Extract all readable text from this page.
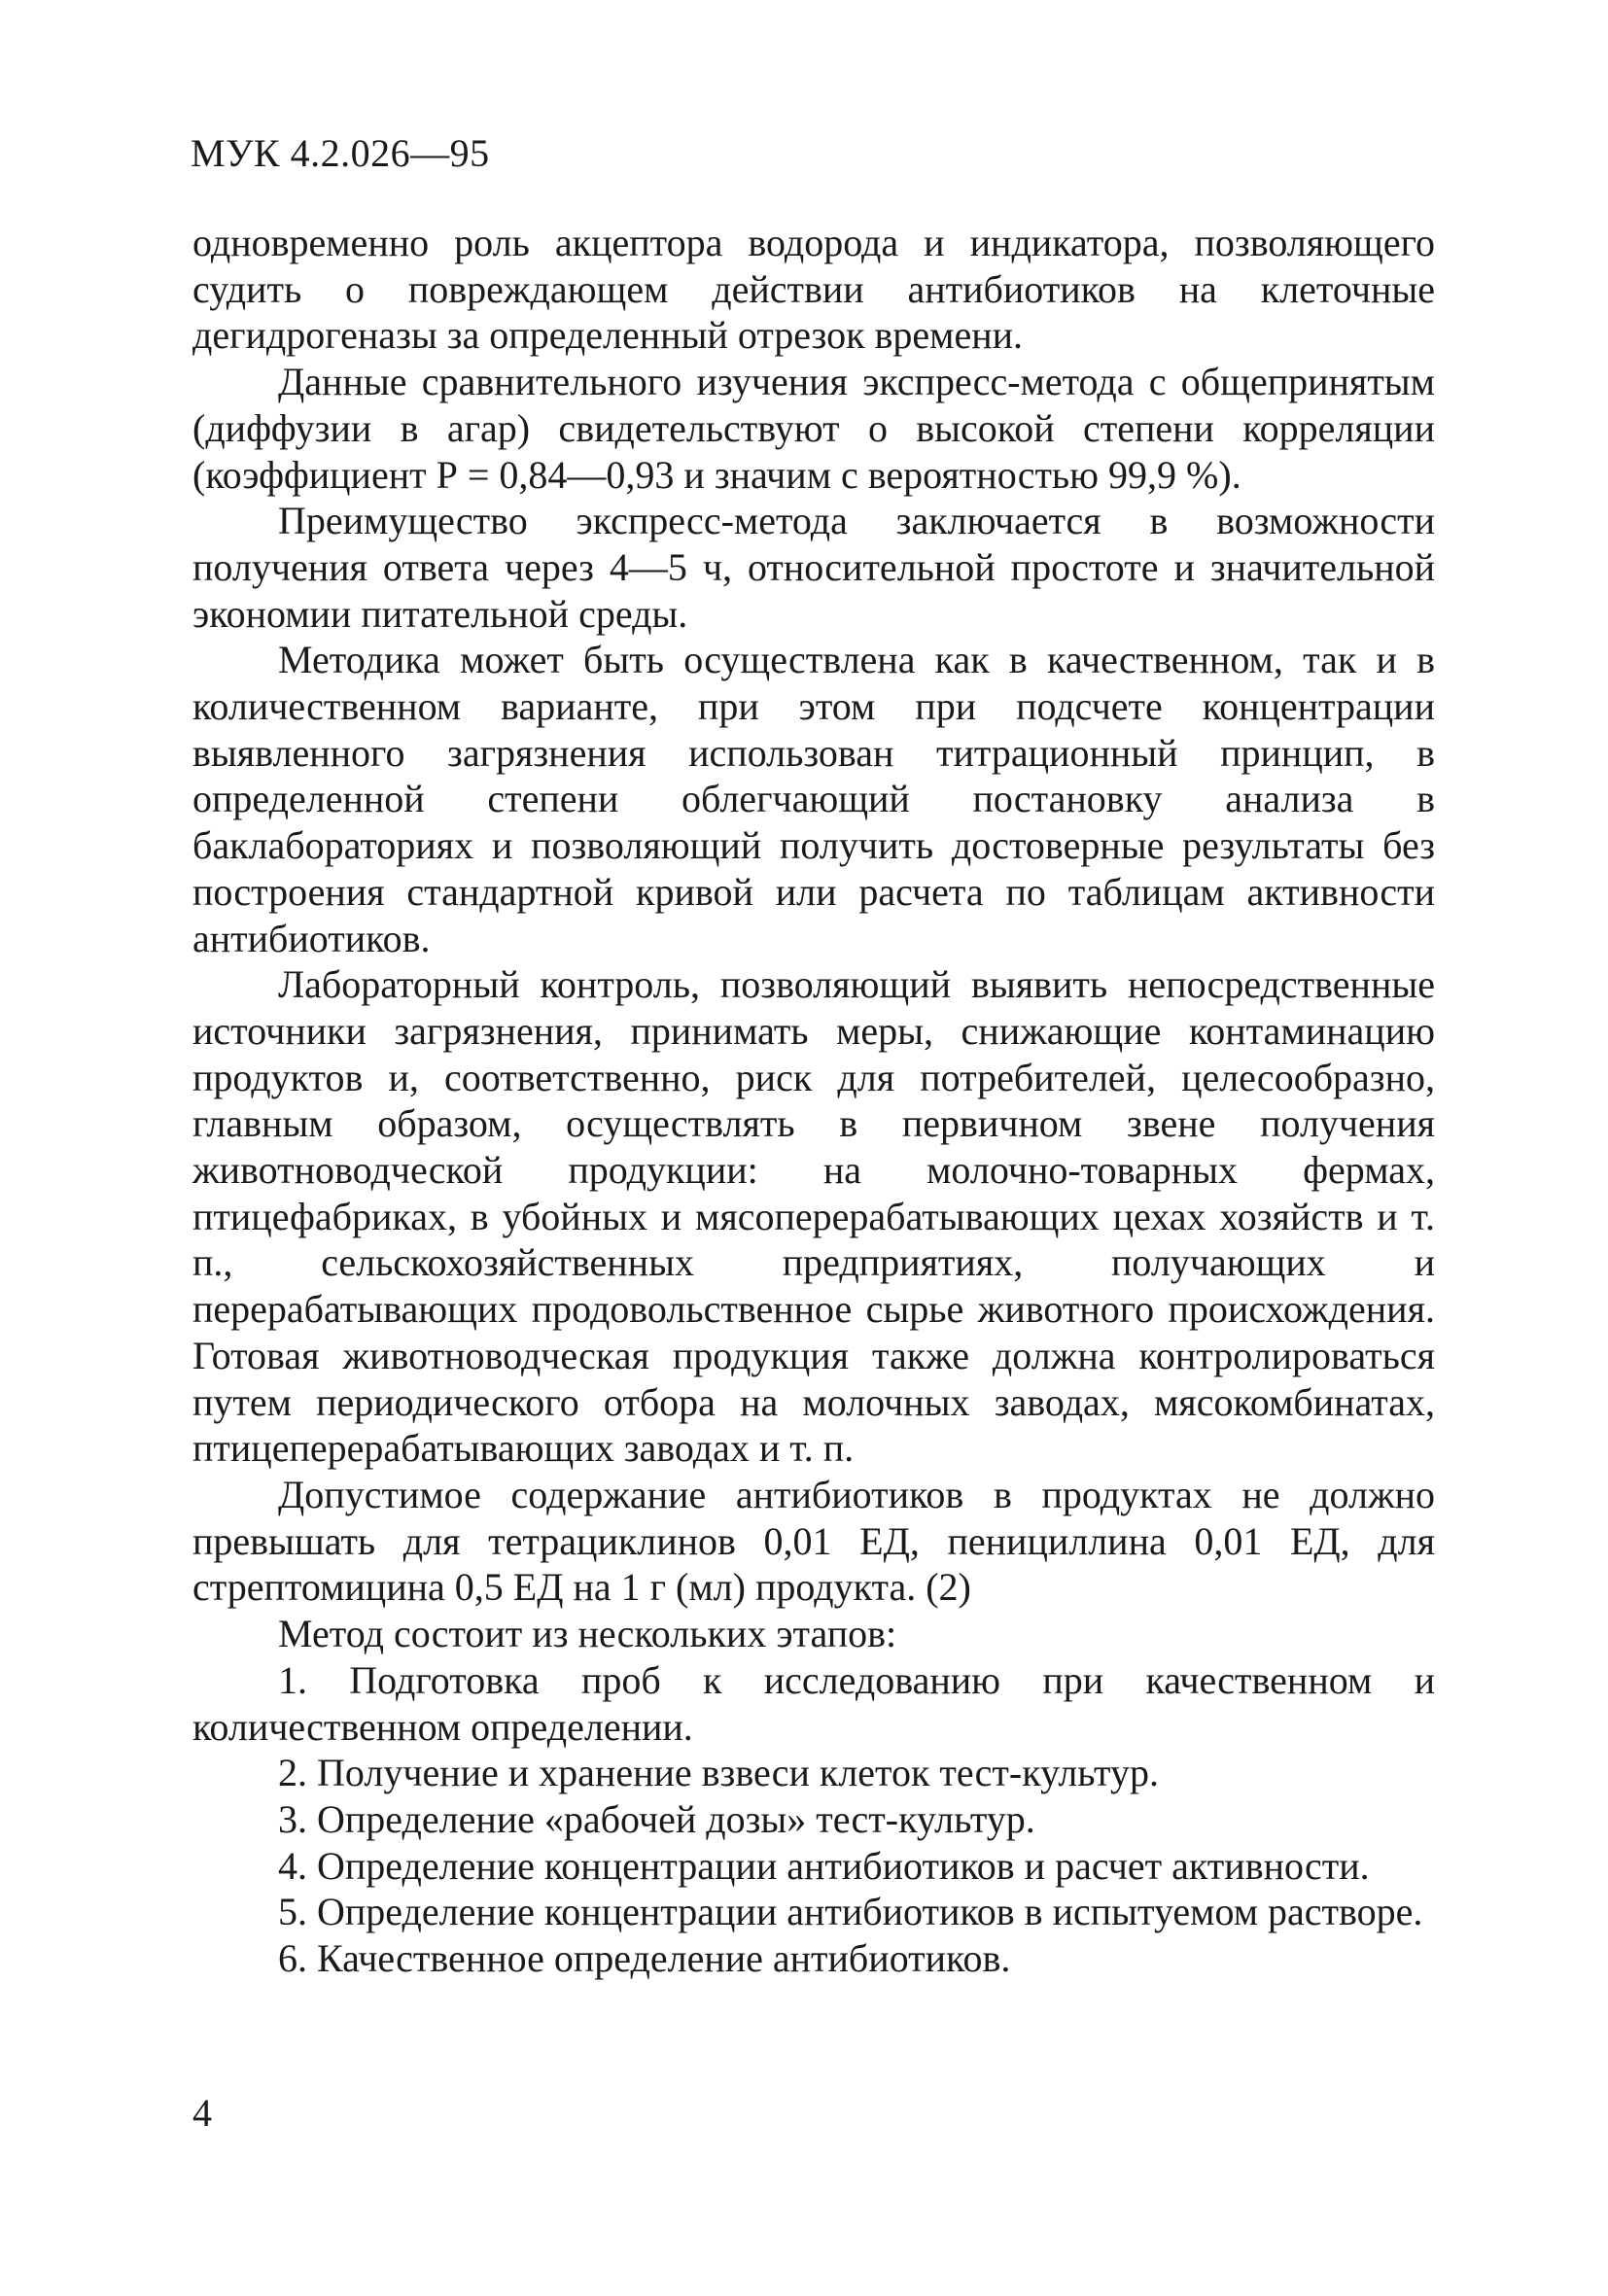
МУК 4.2.026—95

одновременно роль акцептора водорода и индикатора, позволяющего судить о повреждающем действии антибиотиков на клеточные дегидрогеназы за определенный отрезок времени.

Данные сравнительного изучения экспресс-метода с общепринятым (диффузии в агар) свидетельствуют о высокой степени корреляции (коэффициент Р = 0,84—0,93 и значим с вероятностью 99,9 %).

Преимущество экспресс-метода заключается в возможности получения ответа через 4—5 ч, относительной простоте и значительной экономии питательной среды.

Методика может быть осуществлена как в качественном, так и в количественном варианте, при этом при подсчете концентрации выявленного загрязнения использован титрационный принцип, в определенной степени облегчающий постановку анализа в баклабораториях и позволяющий получить достоверные результаты без построения стандартной кривой или расчета по таблицам активности антибиотиков.

Лабораторный контроль, позволяющий выявить непосредственные источники загрязнения, принимать меры, снижающие контаминацию продуктов и, соответственно, риск для потребителей, целесообразно, главным образом, осуществлять в первичном звене получения животноводческой продукции: на молочно-товарных фермах, птицефабриках, в убойных и мясоперерабатывающих цехах хозяйств и т. п., сельскохозяйственных предприятиях, получающих и перерабатывающих продовольственное сырье животного происхождения. Готовая животноводческая продукция также должна контролироваться путем периодического отбора на молочных заводах, мясокомбинатах, птицеперерабатывающих заводах и т. п.

Допустимое содержание антибиотиков в продуктах не должно превышать для тетрациклинов 0,01 ЕД, пенициллина 0,01 ЕД, для стрептомицина 0,5 ЕД на 1 г (мл) продукта. (2)

Метод состоит из нескольких этапов:

1. Подготовка проб к исследованию при качественном и количественном определении.

2. Получение и хранение взвеси клеток тест-культур.

3. Определение «рабочей дозы» тест-культур.

4. Определение концентрации антибиотиков и расчет активности.

5. Определение концентрации антибиотиков в испытуемом растворе.

6. Качественное определение антибиотиков.

4
